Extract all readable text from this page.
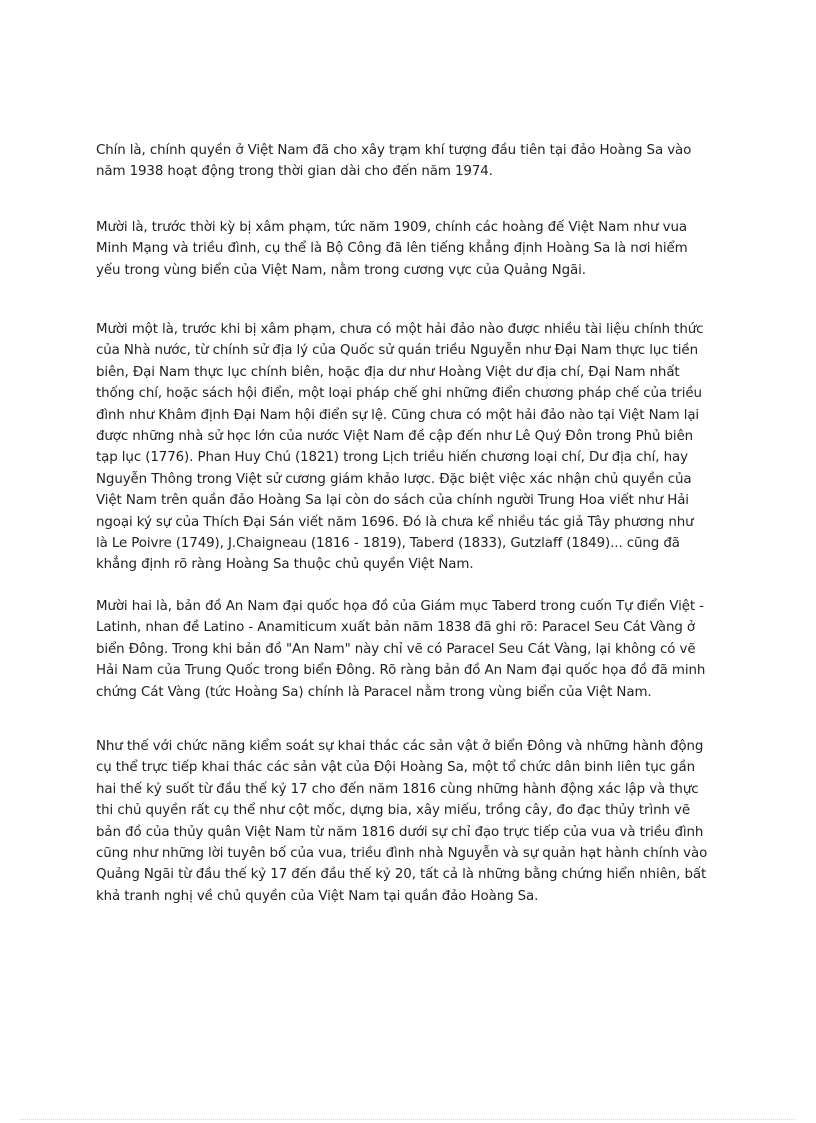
Chín là, chính quyền ở Việt Nam đã cho xây trạm khí tượng đầu tiên tại đảo Hoàng Sa vào
năm 1938 hoạt động trong thời gian dài cho đến năm 1974.

Mười là, trước thời kỳ bị xâm phạm, tức năm 1909, chính các hoàng đế Việt Nam như vua
Minh Mạng và triều đình, cụ thể là Bộ Công đã lên tiếng khẳng định Hoàng Sa là nơi hiểm
yếu trong vùng biển của Việt Nam, nằm trong cương vực của Quảng Ngãi.

Mười một là, trước khi bị xâm phạm, chưa có một hải đảo nào được nhiều tài liệu chính thức
của Nhà nước, từ chính sử địa lý của Quốc sử quán triều Nguyễn như Đại Nam thực lục tiền
biên, Đại Nam thực lục chính biên, hoặc địa dư như Hoàng Việt dư địa chí, Đại Nam nhất
thống chí, hoặc sách hội điển, một loại pháp chế ghi những điển chương pháp chế của triều
đình như Khâm định Đại Nam hội điển sự lệ. Cũng chưa có một hải đảo nào tại Việt Nam lại
được những nhà sử học lớn của nước Việt Nam đề cập đến như Lê Quý Đôn trong Phủ biên
tạp lục (1776). Phan Huy Chú (1821) trong Lịch triều hiến chương loại chí, Dư địa chí, hay
Nguyễn Thông trong Việt sử cương giám khảo lược. Đặc biệt việc xác nhận chủ quyền của
Việt Nam trên quần đảo Hoàng Sa lại còn do sách của chính người Trung Hoa viết như Hải
ngoại ký sự của Thích Đại Sán viết năm 1696. Đó là chưa kể nhiều tác giả Tây phương như
là Le Poivre (1749), J.Chaigneau (1816 - 1819), Taberd (1833), Gutzlaff (1849)... cũng đã
khẳng định rõ ràng Hoàng Sa thuộc chủ quyền Việt Nam.

Mười hai là, bản đồ An Nam đại quốc họa đồ của Giám mục Taberd trong cuốn Tự điển Việt -
Latinh, nhan đề Latino - Anamiticum xuất bản năm 1838 đã ghi rõ: Paracel Seu Cát Vàng ở
biển Đông. Trong khi bản đồ "An Nam" này chỉ vẽ có Paracel Seu Cát Vàng, lại không có vẽ
Hải Nam của Trung Quốc trong biển Đông. Rõ ràng bản đồ An Nam đại quốc họa đồ đã minh
chứng Cát Vàng (tức Hoàng Sa) chính là Paracel nằm trong vùng biển của Việt Nam.

Như thế với chức năng kiểm soát sự khai thác các sản vật ở biển Đông và những hành động
cụ thể trực tiếp khai thác các sản vật của Đội Hoàng Sa, một tổ chức dân binh liên tục gần
hai thế kỷ suốt từ đầu thế kỷ 17 cho đến năm 1816 cùng những hành động xác lập và thực
thi chủ quyền rất cụ thể như cột mốc, dựng bia, xây miếu, trồng cây, đo đạc thủy trình vẽ
bản đồ của thủy quân Việt Nam từ năm 1816 dưới sự chỉ đạo trực tiếp của vua và triều đình
cũng như những lời tuyên bố của vua, triều đình nhà Nguyễn và sự quản hạt hành chính vào
Quảng Ngãi từ đầu thế kỷ 17 đến đầu thế kỷ 20, tất cả là những bằng chứng hiển nhiên, bất
khả tranh nghị về chủ quyền của Việt Nam tại quần đảo Hoàng Sa.
